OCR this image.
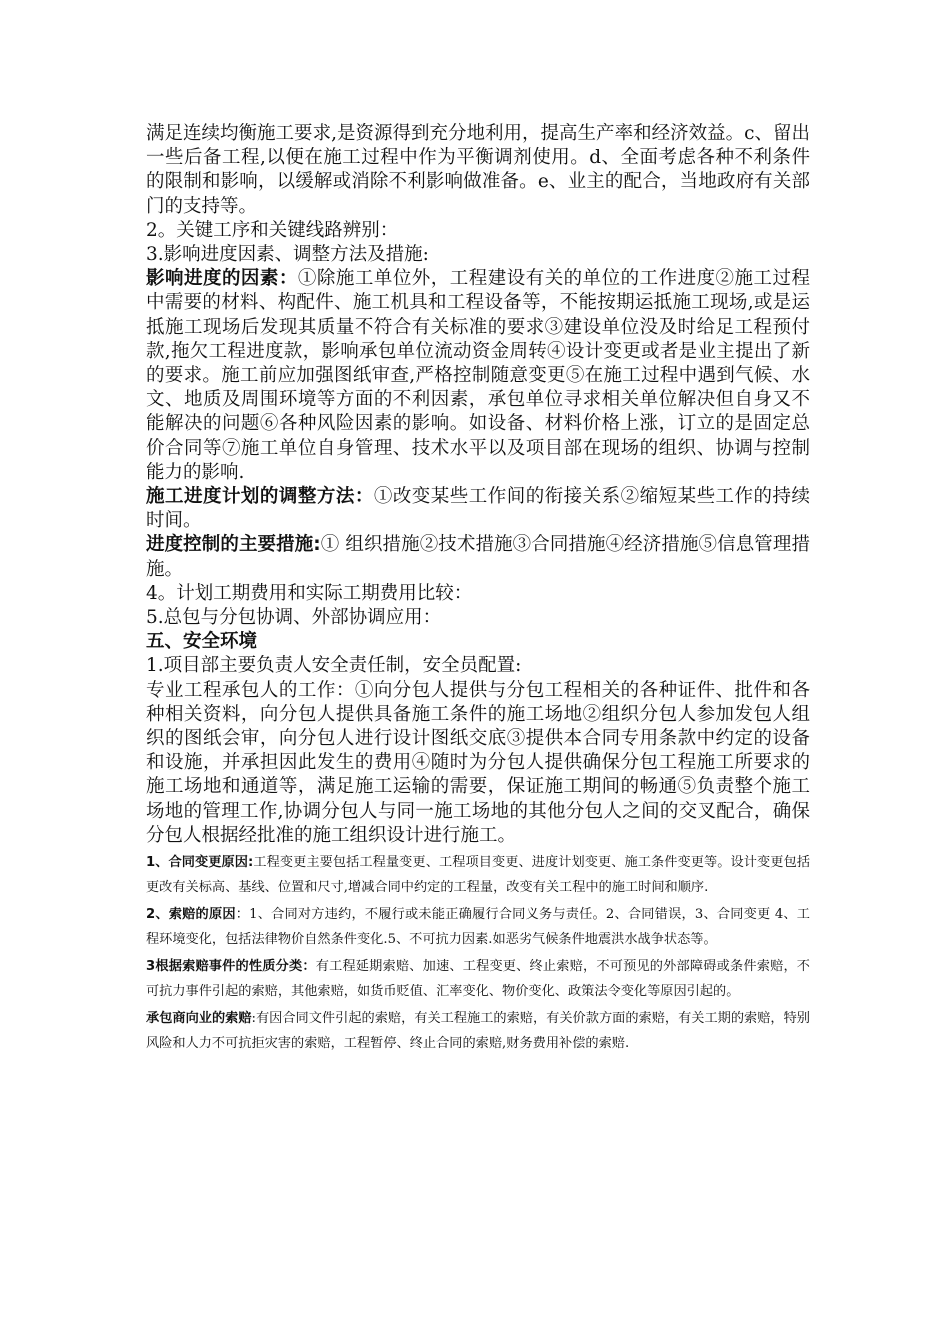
满足连续均衡施工要求,是资源得到充分地利用，提高生产率和经济效益。c、留出一些后备工程,以便在施工过程中作为平衡调剂使用。d、全面考虑各种不利条件的限制和影响，以缓解或消除不利影响做准备。e、业主的配合，当地政府有关部门的支持等。

2。关键工序和关键线路辨别：

3.影响进度因素、调整方法及措施:

影响进度的因素：①除施工单位外，工程建设有关的单位的工作进度②施工过程中需要的材料、构配件、施工机具和工程设备等，不能按期运抵施工现场,或是运抵施工现场后发现其质量不符合有关标准的要求③建设单位没及时给足工程预付款,拖欠工程进度款，影响承包单位流动资金周转④设计变更或者是业主提出了新的要求。施工前应加强图纸审查,严格控制随意变更⑤在施工过程中遇到气候、水文、地质及周围环境等方面的不利因素，承包单位寻求相关单位解决但自身又不能解决的问题⑥各种风险因素的影响。如设备、材料价格上涨，订立的是固定总价合同等⑦施工单位自身管理、技术水平以及项目部在现场的组织、协调与控制能力的影响.

施工进度计划的调整方法：①改变某些工作间的衔接关系②缩短某些工作的持续时间。

进度控制的主要措施:① 组织措施②技术措施③合同措施④经济措施⑤信息管理措施。

4。计划工期费用和实际工期费用比较：

5.总包与分包协调、外部协调应用：

五、安全环境

1.项目部主要负责人安全责任制，安全员配置:

专业工程承包人的工作：①向分包人提供与分包工程相关的各种证件、批件和各种相关资料，向分包人提供具备施工条件的施工场地②组织分包人参加发包人组织的图纸会审，向分包人进行设计图纸交底③提供本合同专用条款中约定的设备和设施，并承担因此发生的费用④随时为分包人提供确保分包工程施工所要求的施工场地和通道等，满足施工运输的需要，保证施工期间的畅通⑤负责整个施工场地的管理工作,协调分包人与同一施工场地的其他分包人之间的交叉配合，确保分包人根据经批准的施工组织设计进行施工。

1、合同变更原因:工程变更主要包括工程量变更、工程项目变更、进度计划变更、施工条件变更等。设计变更包括更改有关标高、基线、位置和尺寸,增减合同中约定的工程量，改变有关工程中的施工时间和顺序.

2、索赔的原因：1、合同对方违约，不履行或未能正确履行合同义务与责任。2、合同错误，3、合同变更 4、工程环境变化，包括法律物价自然条件变化.5、不可抗力因素.如恶劣气候条件地震洪水战争状态等。

3根据索赔事件的性质分类：有工程延期索赔、加速、工程变更、终止索赔，不可预见的外部障碍或条件索赔，不可抗力事件引起的索赔，其他索赔，如货币贬值、汇率变化、物价变化、政策法令变化等原因引起的。

承包商向业的索赔:有因合同文件引起的索赔，有关工程施工的索赔，有关价款方面的索赔，有关工期的索赔，特别风险和人力不可抗拒灾害的索赔，工程暂停、终止合同的索赔,财务费用补偿的索赔.
